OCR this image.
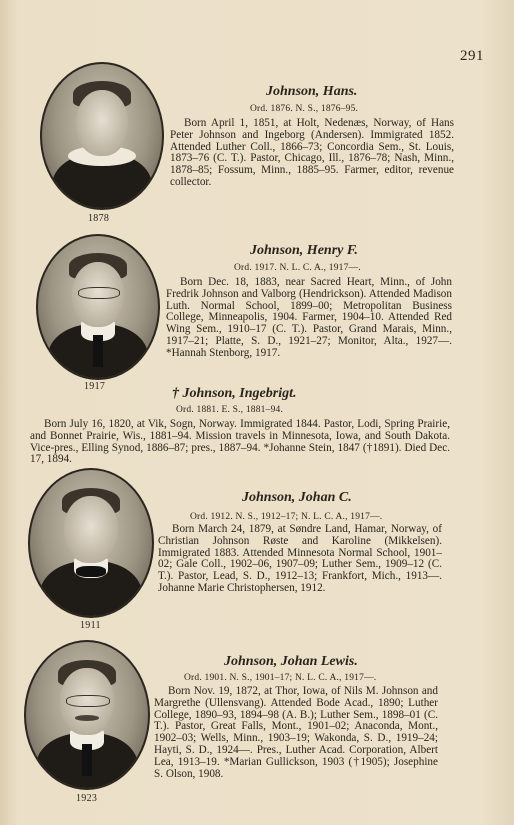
291
1878
Johnson, Hans.
Ord. 1876. N. S., 1876–95.
Born April 1, 1851, at Holt, Nedenæs, Norway, of Hans Peter Johnson and Ingeborg (Andersen). Immigrated 1852. Attended Luther Coll., 1866–73; Concordia Sem., St. Louis, 1873–76 (C. T.). Pastor, Chicago, Ill., 1876–78; Nash, Minn., 1878–85; Fossum, Minn., 1885–95. Farmer, editor, revenue collector.
1917
Johnson, Henry F.
Ord. 1917. N. L. C. A., 1917—.
Born Dec. 18, 1883, near Sacred Heart, Minn., of John Fredrik Johnson and Valborg (Hendrickson). Attended Madison Luth. Normal School, 1899–00; Metropolitan Business College, Minneapolis, 1904. Farmer, 1904–10. Attended Red Wing Sem., 1910–17 (C. T.). Pastor, Grand Marais, Minn., 1917–21; Platte, S. D., 1921–27; Monitor, Alta., 1927—. *Hannah Stenborg, 1917.
† Johnson, Ingebrigt.
Ord. 1881. E. S., 1881–94.
Born July 16, 1820, at Vik, Sogn, Norway. Immigrated 1844. Pastor, Lodi, Spring Prairie, and Bonnet Prairie, Wis., 1881–94. Mission travels in Minnesota, Iowa, and South Dakota. Vice-pres., Elling Synod, 1886–87; pres., 1887–94. *Johanne Stein, 1847 (†1891). Died Dec. 17, 1894.
1911
Johnson, Johan C.
Ord. 1912. N. S., 1912–17; N. L. C. A., 1917—.
Born March 24, 1879, at Søndre Land, Hamar, Norway, of Christian Johnson Røste and Karoline (Mikkelsen). Immigrated 1883. Attended Minnesota Normal School, 1901–02; Gale Coll., 1902–06, 1907–09; Luther Sem., 1909–12 (C. T.). Pastor, Lead, S. D., 1912–13; Frankfort, Mich., 1913—. Johanne Marie Christophersen, 1912.
1923
Johnson, Johan Lewis.
Ord. 1901. N. S., 1901–17; N. L. C. A., 1917—.
Born Nov. 19, 1872, at Thor, Iowa, of Nils M. Johnson and Margrethe (Ullensvang). Attended Bode Acad., 1890; Luther College, 1890–93, 1894–98 (A. B.); Luther Sem., 1898–01 (C. T.). Pastor, Great Falls, Mont., 1901–02; Anaconda, Mont., 1902–03; Wells, Minn., 1903–19; Wakonda, S. D., 1919–24; Hayti, S. D., 1924—. Pres., Luther Acad. Corporation, Albert Lea, 1913–19. *Marian Gullickson, 1903 (†1905); Josephine S. Olson, 1908.
